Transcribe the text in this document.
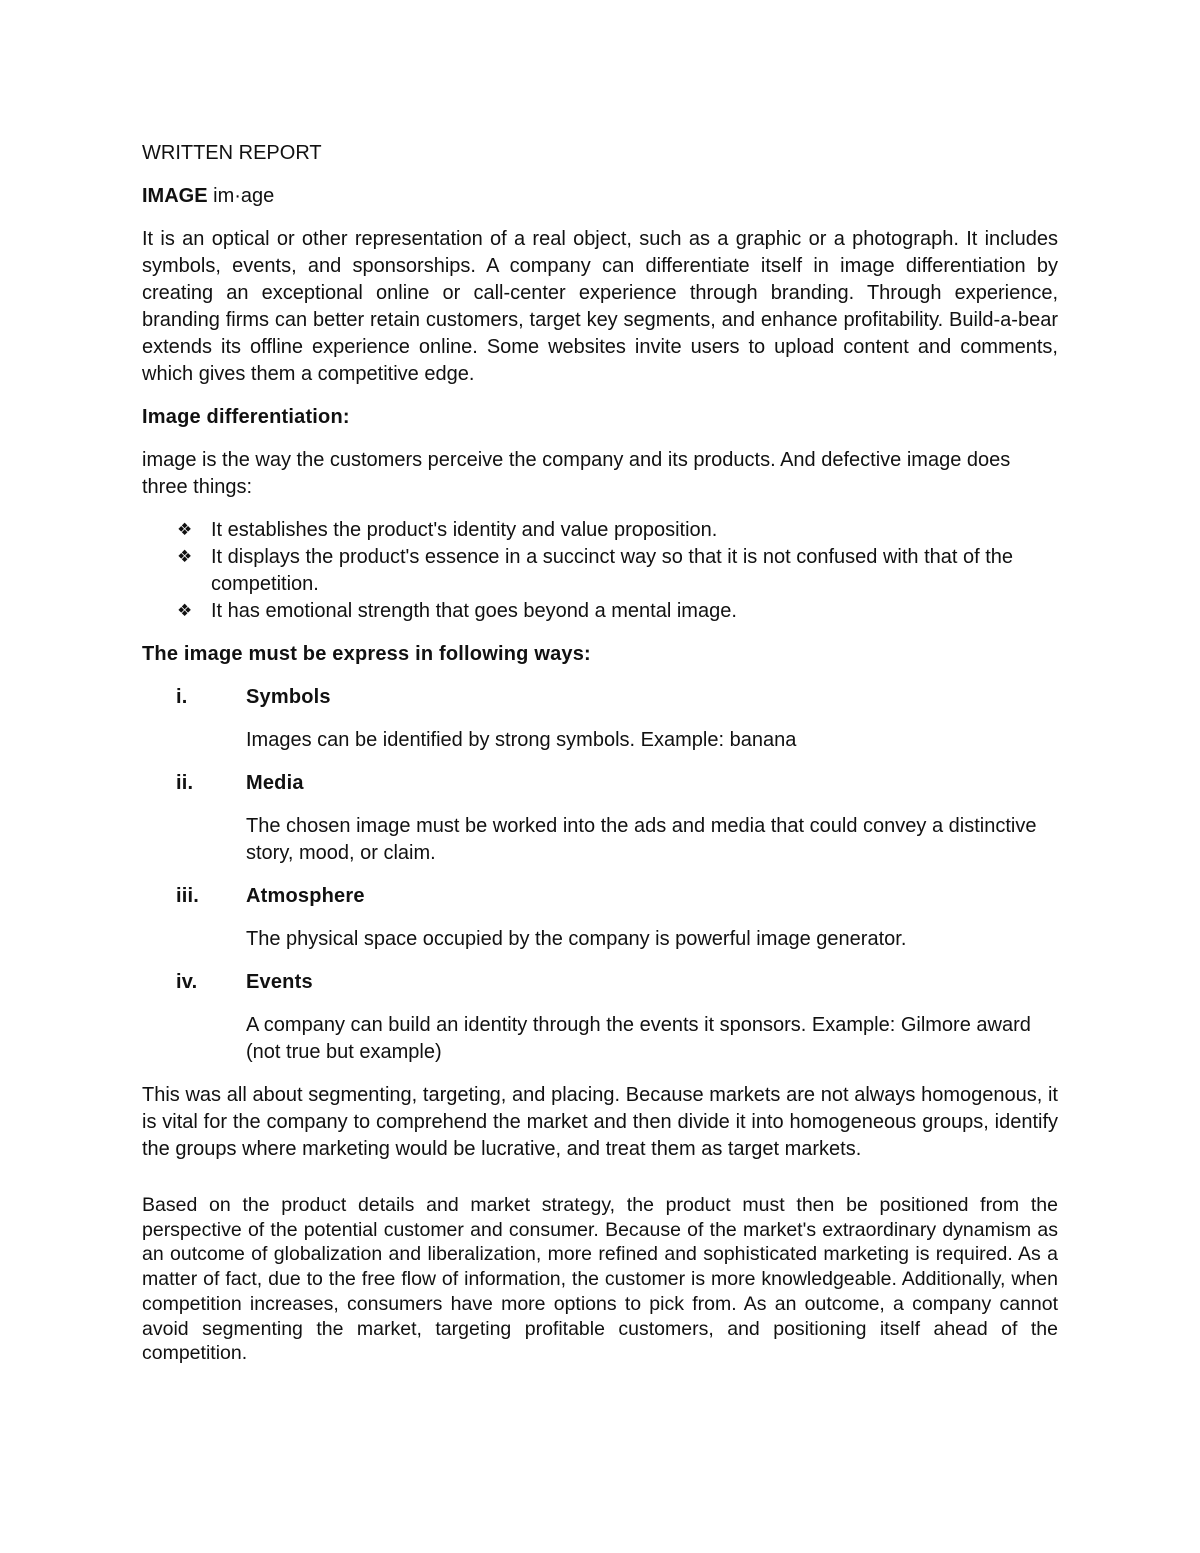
WRITTEN REPORT

IMAGE im·age

It is an optical or other representation of a real object, such as a graphic or a photograph. It includes symbols, events, and sponsorships. A company can differentiate itself in image differentiation by creating an exceptional online or call-center experience through branding. Through experience, branding firms can better retain customers, target key segments, and enhance profitability. Build-a-bear extends its offline experience online. Some websites invite users to upload content and comments, which gives them a competitive edge.

Image differentiation:

image is the way the customers perceive the company and its products. And defective image does three things:

❖ It establishes the product's identity and value proposition.
❖ It displays the product's essence in a succinct way so that it is not confused with that of the competition.
❖ It has emotional strength that goes beyond a mental image.

The image must be express in following ways:

i.	Symbols

Images can be identified by strong symbols. Example: banana

ii.	Media

The chosen image must be worked into the ads and media that could convey a distinctive story, mood, or claim.

iii. Atmosphere

The physical space occupied by the company is powerful image generator.

iv. Events

A company can build an identity through the events it sponsors. Example: Gilmore award (not true but example)

This was all about segmenting, targeting, and placing. Because markets are not always homogenous, it is vital for the company to comprehend the market and then divide it into homogeneous groups, identify the groups where marketing would be lucrative, and treat them as target markets.

Based on the product details and market strategy, the product must then be positioned from the perspective of the potential customer and consumer. Because of the market's extraordinary dynamism as an outcome of globalization and liberalization, more refined and sophisticated marketing is required. As a matter of fact, due to the free flow of information, the customer is more knowledgeable. Additionally, when competition increases, consumers have more options to pick from. As an outcome, a company cannot avoid segmenting the market, targeting profitable customers, and positioning itself ahead of the competition.
